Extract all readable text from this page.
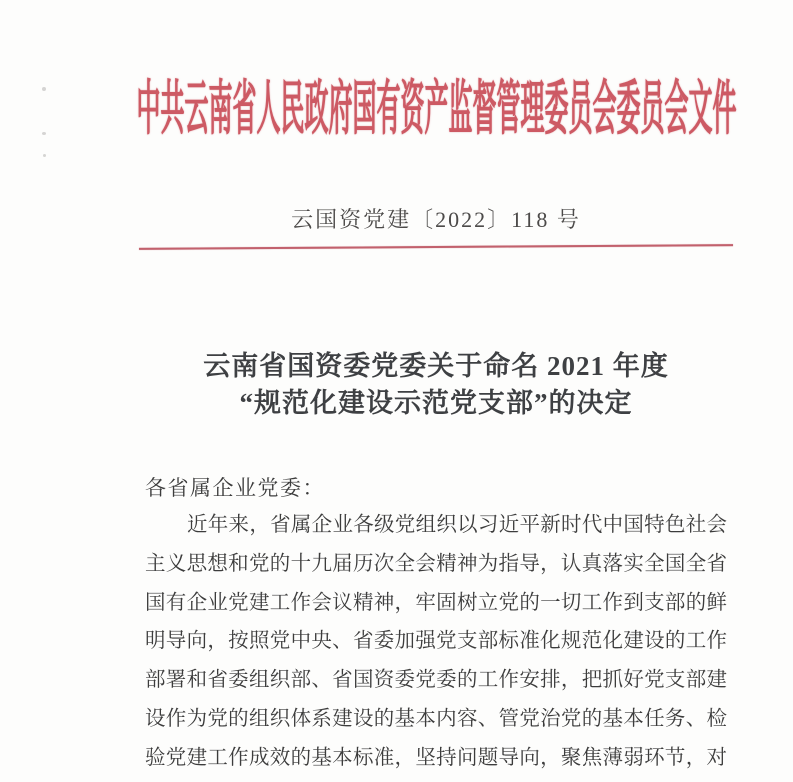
中共云南省人民政府国有资产监督管理委员会委员会文件
云国资党建〔2022〕118 号
云南省国资委党委关于命名 2021 年度
“规范化建设示范党支部”的决定
各省属企业党委：
近年来，省属企业各级党组织以习近平新时代中国特色社会
主义思想和党的十九届历次全会精神为指导，认真落实全国全省
国有企业党建工作会议精神，牢固树立党的一切工作到支部的鲜
明导向，按照党中央、省委加强党支部标准化规范化建设的工作
部署和省委组织部、省国资委党委的工作安排，把抓好党支部建
设作为党的组织体系建设的基本内容、管党治党的基本任务、检
验党建工作成效的基本标准，坚持问题导向，聚焦薄弱环节，对
